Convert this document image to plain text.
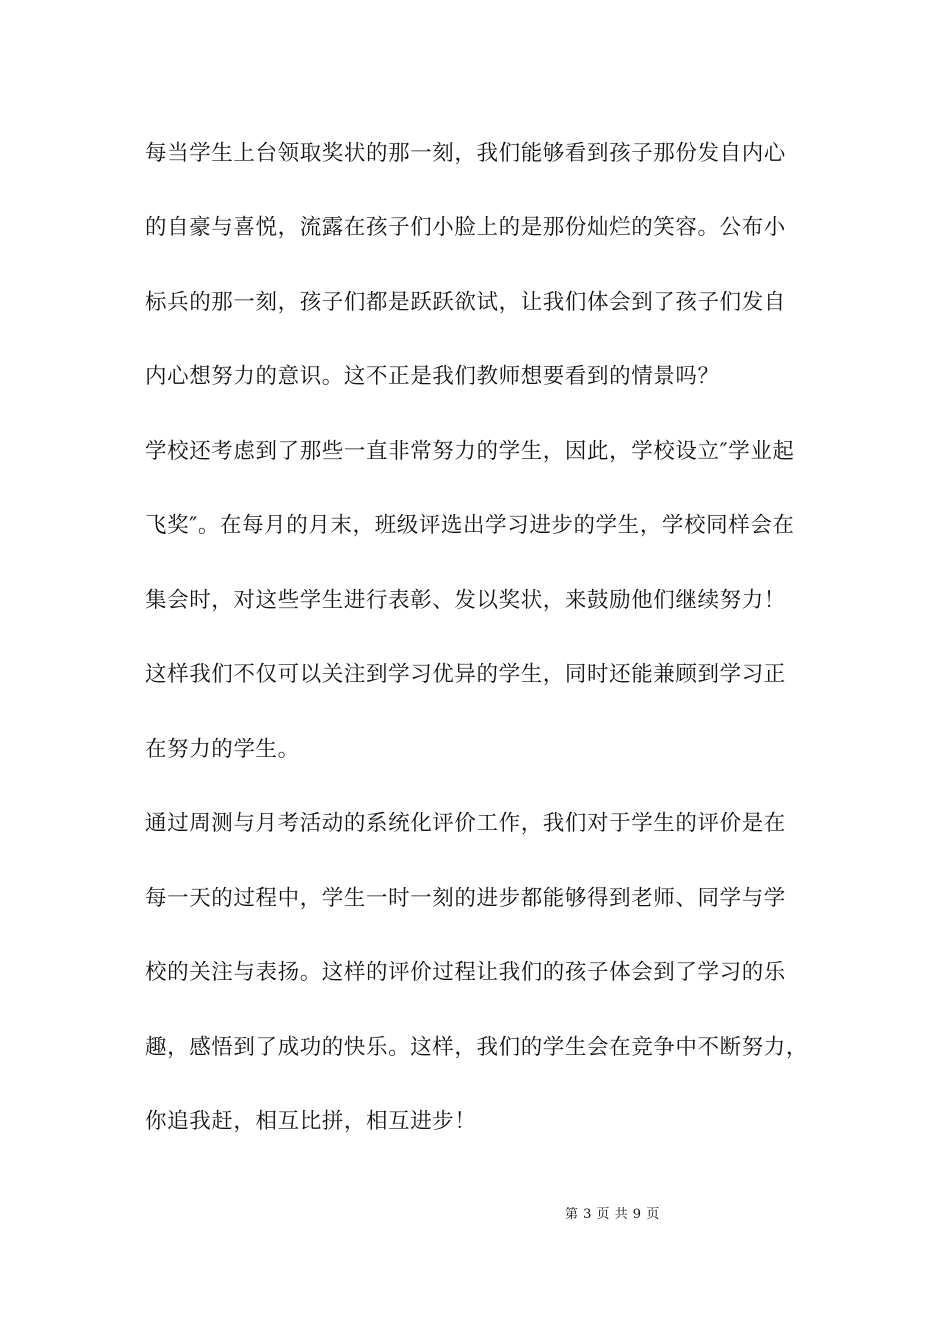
每当学生上台领取奖状的那一刻，我们能够看到孩子那份发自内心
的自豪与喜悦，流露在孩子们小脸上的是那份灿烂的笑容。公布小
标兵的那一刻，孩子们都是跃跃欲试，让我们体会到了孩子们发自
内心想努力的意识。这不正是我们教师想要看到的情景吗？
学校还考虑到了那些一直非常努力的学生，因此，学校设立″学业起
飞奖″。在每月的月末，班级评选出学习进步的学生，学校同样会在
集会时，对这些学生进行表彰、发以奖状，来鼓励他们继续努力！
这样我们不仅可以关注到学习优异的学生，同时还能兼顾到学习正
在努力的学生。
通过周测与月考活动的系统化评价工作，我们对于学生的评价是在
每一天的过程中，学生一时一刻的进步都能够得到老师、同学与学
校的关注与表扬。这样的评价过程让我们的孩子体会到了学习的乐
趣，感悟到了成功的快乐。这样，我们的学生会在竞争中不断努力，
你追我赶，相互比拼，相互进步！
第 3 页 共 9 页
